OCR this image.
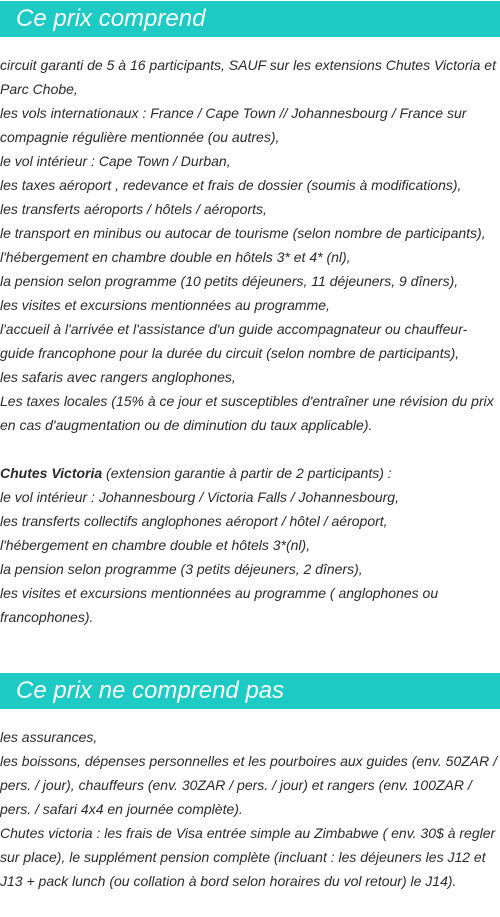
Ce prix comprend

circuit garanti de 5 à 16 participants, SAUF sur les extensions Chutes Victoria et Parc Chobe,

les vols internationaux : France / Cape Town // Johannesbourg / France sur compagnie régulière mentionnée (ou autres),

le vol intérieur : Cape Town / Durban,

les taxes aéroport , redevance et frais de dossier (soumis à modifications),

les transferts aéroports / hôtels / aéroports,

le transport en minibus ou autocar de tourisme (selon nombre de participants),

l'hébergement en chambre double en hôtels 3* et 4* (nl),

la pension selon programme (10 petits déjeuners, 11 déjeuners, 9 dîners),

les visites et excursions mentionnées au programme,

l'accueil à l'arrivée et l'assistance d'un guide accompagnateur ou chauffeur-guide francophone pour la durée du circuit (selon nombre de participants),

les safaris avec rangers anglophones,

Les taxes locales (15% à ce jour et susceptibles d'entraîner une révision du prix en cas d'augmentation ou de diminution du taux applicable).

Chutes Victoria (extension garantie à partir de 2 participants) :

le vol intérieur : Johannesbourg / Victoria Falls / Johannesbourg,

les transferts collectifs anglophones aéroport / hôtel / aéroport,

l'hébergement en chambre double et hôtels 3*(nl),

la pension selon programme (3 petits déjeuners, 2 dîners),

les visites et excursions mentionnées au programme ( anglophones ou francophones).

Ce prix ne comprend pas

les assurances,

les boissons, dépenses personnelles et les pourboires aux guides (env. 50ZAR / pers. / jour), chauffeurs (env. 30ZAR / pers. / jour) et rangers (env. 100ZAR / pers. / safari 4x4 en journée complète).

Chutes victoria : les frais de Visa entrée simple au Zimbabwe ( env. 30$ à regler sur place), le supplément pension complète (incluant : les déjeuners les J12 et J13 + pack lunch (ou collation à bord selon horaires du vol retour) le J14).
